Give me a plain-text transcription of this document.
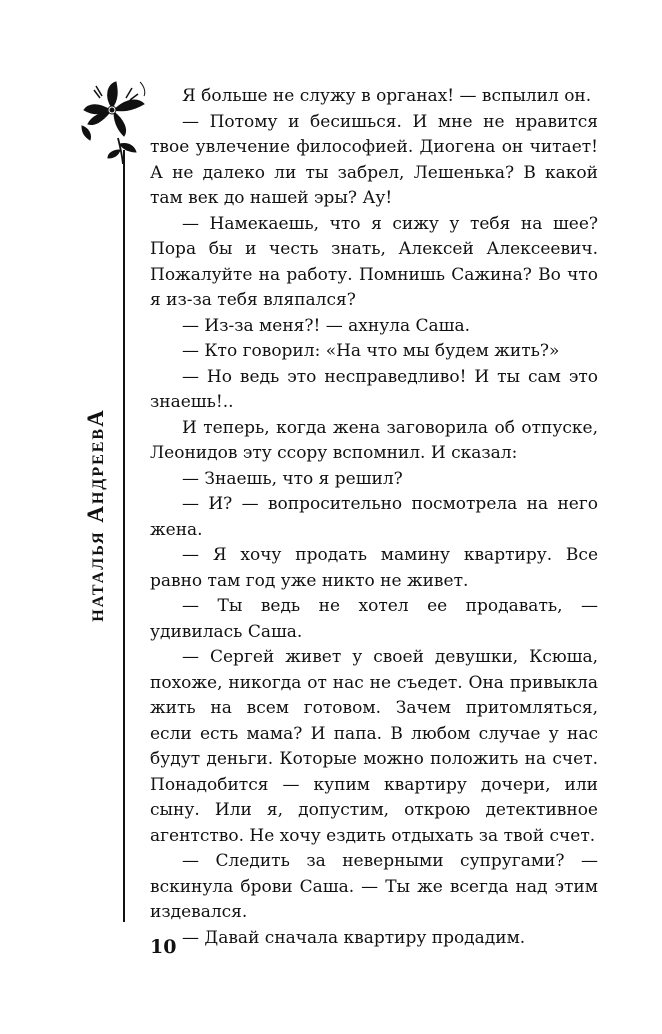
наталья АндреевА

Я больше не служу в органах! — вспылил он.

— Потому и бесишься. И мне не нравится твое увлечение философией. Диогена он читает! А не далеко ли ты забрел, Лешенька? В какой там век до нашей эры? Ау!

— Намекаешь, что я сижу у тебя на шее? Пора бы и честь знать, Алексей Алексеевич. Пожалуйте на работу. Помнишь Сажина? Во что я из-за тебя вляпался?

— Из-за меня?! — ахнула Саша.

— Кто говорил: «На что мы будем жить?»

— Но ведь это несправедливо! И ты сам это знаешь!..

И теперь, когда жена заговорила об отпуске, Леонидов эту ссору вспомнил. И сказал:

— Знаешь, что я решил?

— И? — вопросительно посмотрела на него жена.

— Я хочу продать мамину квартиру. Все равно там год уже никто не живет.

— Ты ведь не хотел ее продавать, — удивилась Саша.

— Сергей живет у своей девушки, Ксюша, похоже, никогда от нас не съедет. Она привыкла жить на всем готовом. Зачем притомляться, если есть мама? И папа. В любом случае у нас будут деньги. Которые можно положить на счет. Понадобится — купим квартиру дочери, или сыну. Или я, допустим, открою детективное агентство. Не хочу ездить отдыхать за твой счет.

— Следить за неверными супругами? — вскинула брови Саша. — Ты же всегда над этим издевался.

— Давай сначала квартиру продадим.

10
